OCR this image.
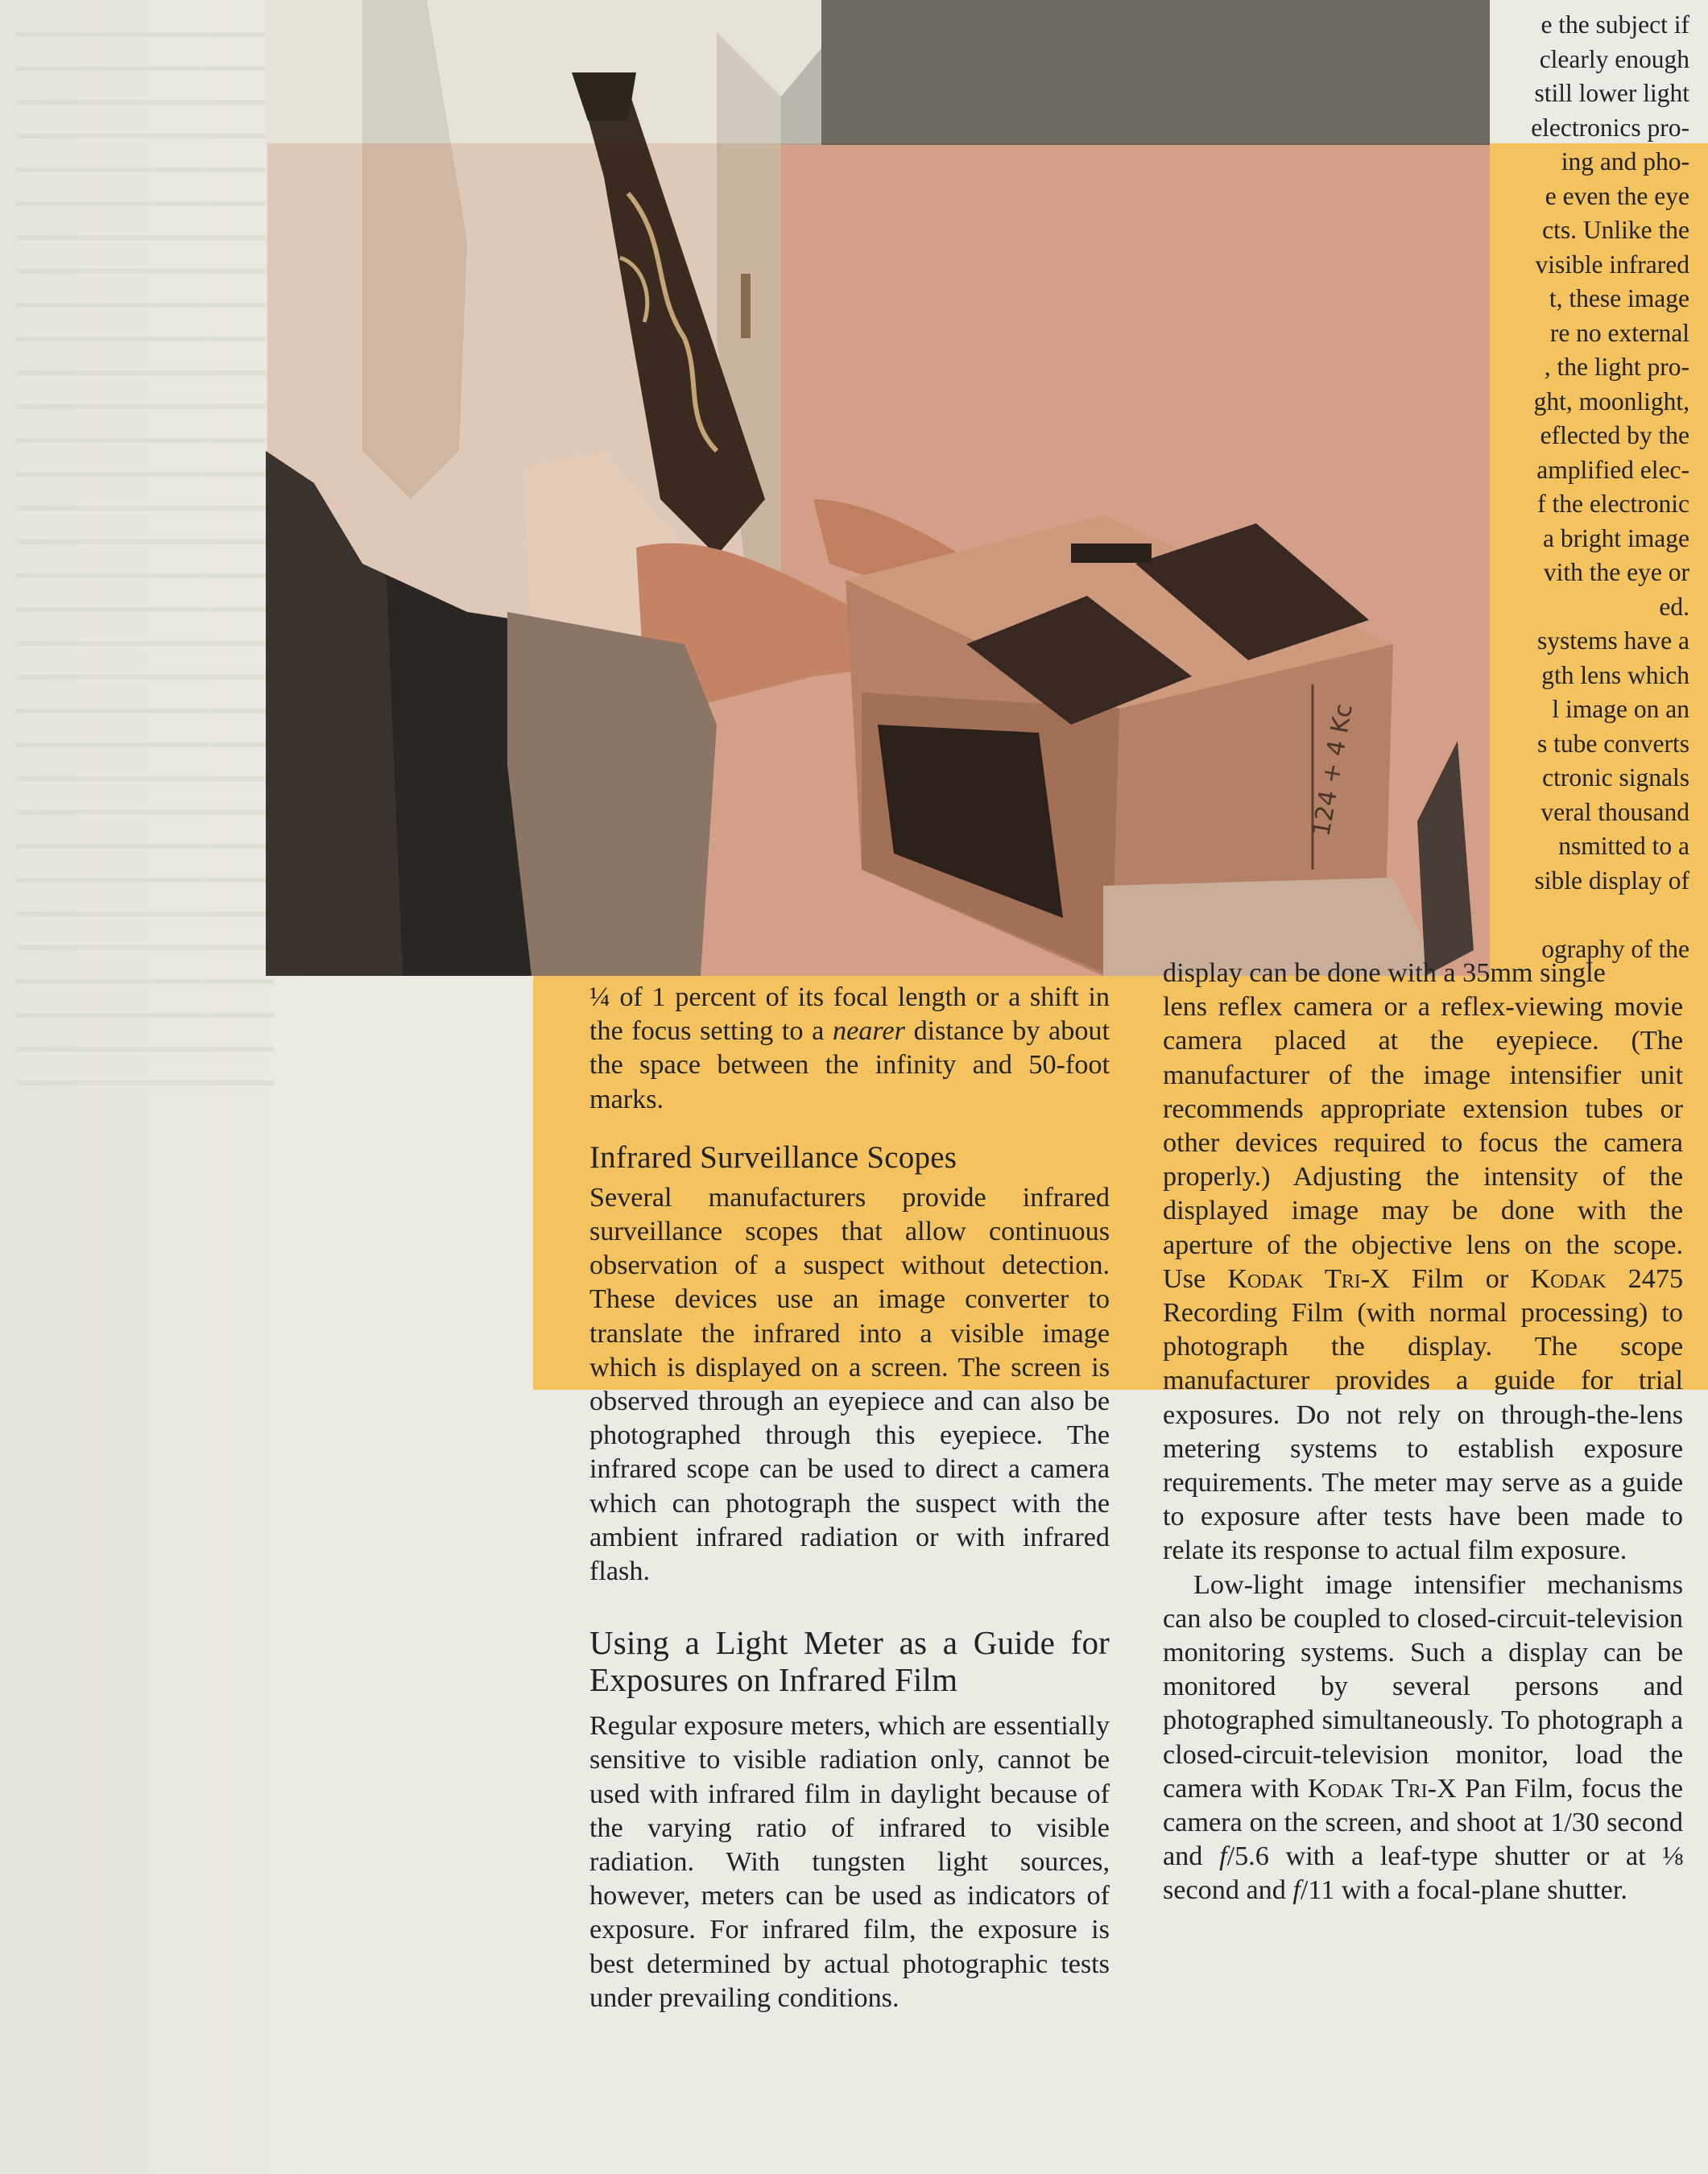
e the subject if
clearly enough
still lower light
electronics pro-
ing and pho-
e even the eye
cts. Unlike the
visible infrared
t, these image
re no external
, the light pro-
ght, moonlight,
eflected by the
amplified elec-
f the electronic
a bright image
vith the eye or
ed.
systems have a
gth lens which
l image on an
s tube converts
ctronic signals
veral thousand
nsmitted to a
sible display of

ography of the
124 + 4 Kc

¼ of 1 percent of its focal length or a shift in the focus setting to a nearer distance by about the space between the infinity and 50-foot marks.

Infrared Surveillance Scopes

Several manufacturers provide infrared surveillance scopes that allow continuous observation of a suspect without detection. These devices use an image converter to translate the infrared into a visible image which is displayed on a screen. The screen is observed through an eyepiece and can also be photographed through this eyepiece. The infrared scope can be used to direct a camera which can photograph the suspect with the ambient infrared radiation or with infrared flash.

Using a Light Meter as a Guide for Exposures on Infrared Film

Regular exposure meters, which are essentially sensitive to visible radiation only, cannot be used with infrared film in daylight because of the varying ratio of infrared to visible radiation. With tungsten light sources, however, meters can be used as indicators of exposure. For infrared film, the exposure is best determined by actual photographic tests under prevailing conditions.

display can be done with a 35mm single

lens reflex camera or a reflex-viewing movie camera placed at the eyepiece. (The manufacturer of the image intensifier unit recommends appropriate extension tubes or other devices required to focus the camera properly.) Adjusting the intensity of the displayed image may be done with the aperture of the objective lens on the scope. Use Kodak Tri-X Film or Kodak 2475 Recording Film (with normal processing) to photograph the display. The scope manufacturer provides a guide for trial exposures. Do not rely on through-the-lens metering systems to establish exposure requirements. The meter may serve as a guide to exposure after tests have been made to relate its response to actual film exposure.

Low-light image intensifier mechanisms can also be coupled to closed-circuit-television monitoring systems. Such a display can be monitored by several persons and photographed simultaneously. To photograph a closed-circuit-television monitor, load the camera with Kodak Tri-X Pan Film, focus the camera on the screen, and shoot at 1/30 second and f/5.6 with a leaf-type shutter or at ⅛ second and f/11 with a focal-plane shutter.
